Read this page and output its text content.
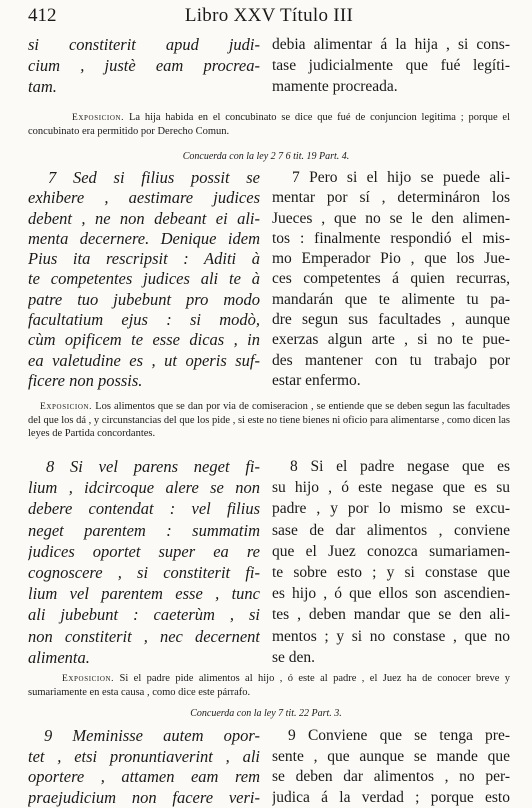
412	Libro XXV Título III
si constiterit apud judi-
cium , justè eam procrea-
tam.
debia alimentar á la hija , si cons-
tase judicialmente que fué legíti-
mamente procreada.
Exposicion. La hija habida en el concubinato se dice que fué de conjuncion legitima ; porque el concubinato era permitido por Derecho Comun.
Concuerda con la ley 2 7 6 tit. 19 Part. 4.
7 Sed si filius possit se
exhibere , aestimare judices
debent , ne non debeant ei ali-
menta decernere. Denique idem
Pius ita rescripsit : Aditi à
te competentes judices ali te à
patre tuo jubebunt pro modo
facultatium ejus : si modò,
cùm opificem te esse dicas , in
ea valetudine es , ut operis suf-
ficere non possis.
7 Pero si el hijo se puede ali-
mentar por sí , determináron los
Jueces , que no se le den alimen-
tos : finalmente respondió el mis-
mo Emperador Pio , que los Jue-
ces competentes á quien recurras,
mandarán que te alimente tu pa-
dre segun sus facultades , aunque
exerzas algun arte , si no te pue-
des mantener con tu trabajo por
estar enfermo.
Exposicion. Los alimentos que se dan por via de comiseracion , se entiende que se deben segun las facultades del que los dá , y circunstancias del que los pide , si este no tiene bienes ni oficio para alimentarse , como dicen las leyes de Partida concordantes.
8 Si vel parens neget fi-
lium , idcircoque alere se non
debere contendat : vel filius
neget parentem : summatim
judices oportet super ea re
cognoscere , si constiterit fi-
lium vel parentem esse , tunc
ali jubebunt : caeterùm , si
non constiterit , nec decernent
alimenta.
8 Si el padre negase que es
su hijo , ó este negase que es su
padre , y por lo mismo se excu-
sase de dar alimentos , conviene
que el Juez conozca sumariamen-
te sobre esto ; y si constase que
es hijo , ó que ellos son ascendien-
tes , deben mandar que se den ali-
mentos ; y si no constase , que no
se den.
Exposicion. Si el padre pide alimentos al hijo , ó este al padre , el Juez ha de conocer breve y sumariamente en esta causa , como dice este párrafo.
Concuerda con la ley 7 tit. 22 Part. 3.
9 Meminisse autem opor-
tet , etsi pronuntiaverint , ali
oportere , attamen eam rem
praejudicium non facere veri-
9 Conviene que se tenga pre-
sente , que aunque se mande que
se deben dar alimentos , no per-
judica á la verdad ; porque esto
